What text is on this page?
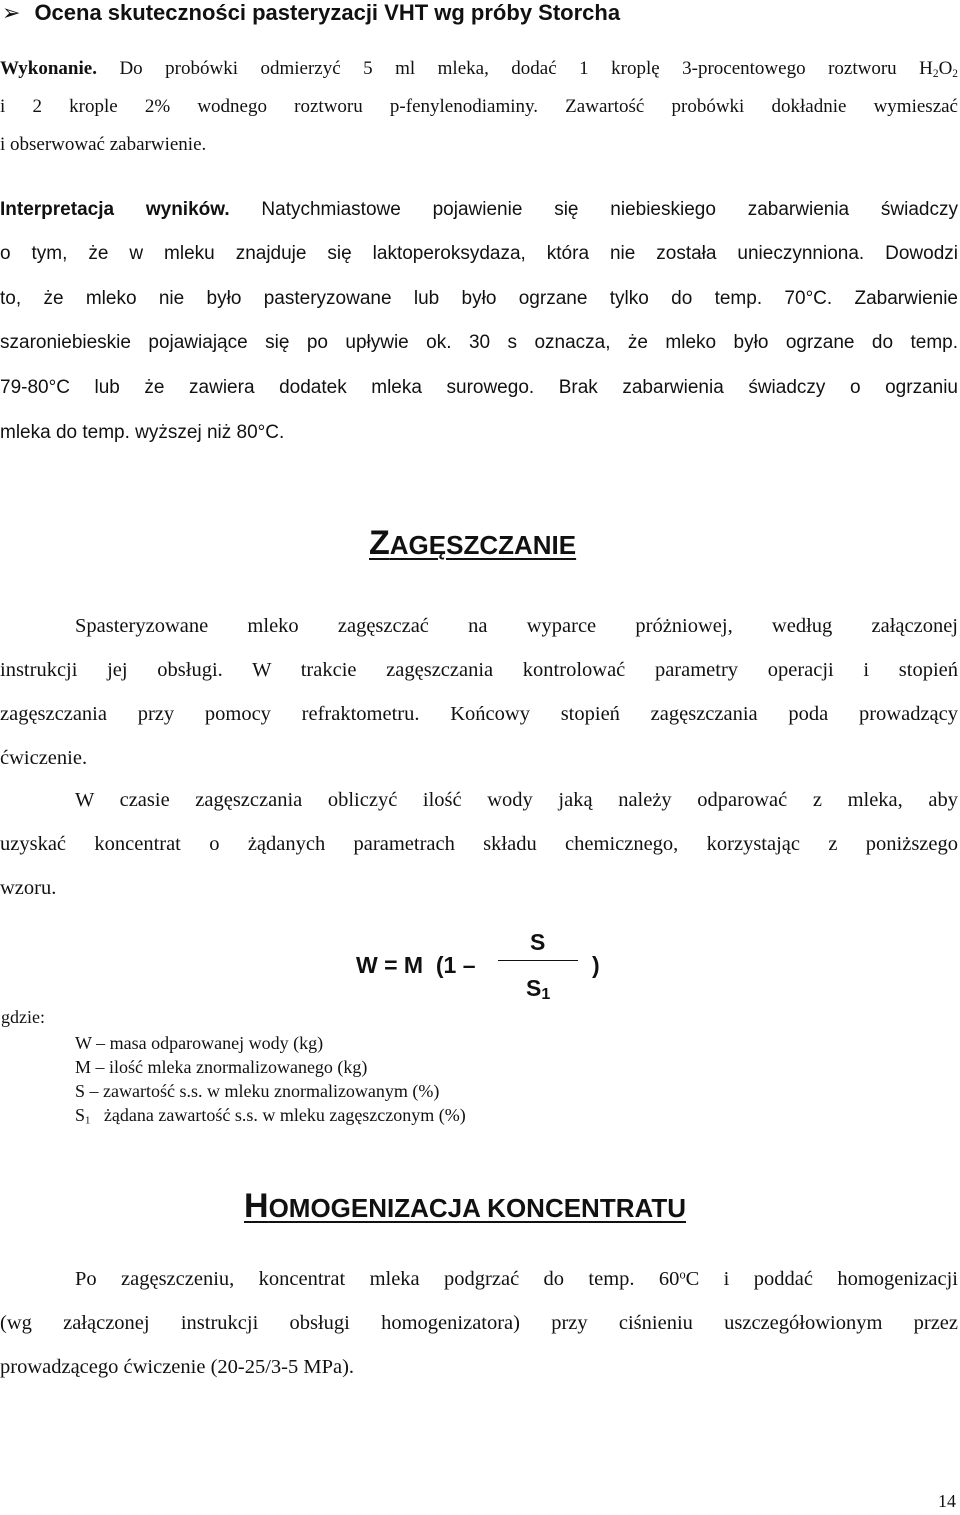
➢ Ocena skuteczności pasteryzacji VHT wg próby Storcha
Wykonanie. Do probówki odmierzyć 5 ml mleka, dodać 1 kroplę 3-procentowego roztworu $H_2O_2$
i 2 krople 2% wodnego roztworu p-fenylenodiaminy. Zawartość probówki dokładnie wymieszać
i obserwować zabarwienie.
Interpretacja wyników. Natychmiastowe pojawienie się niebieskiego zabarwienia świadczy
o tym, że w mleku znajduje się laktoperoksydaza, która nie została unieczynniona. Dowodzi
to, że mleko nie było pasteryzowane lub było ogrzane tylko do temp. 70°C. Zabarwienie
szaroniebieskie pojawiające się po upływie ok. 30 s oznacza, że mleko było ogrzane do temp.
79-80°C lub że zawiera dodatek mleka surowego. Brak zabarwienia świadczy o ogrzaniu
mleka do temp. wyższej niż 80°C.
ZAGĘSZCZANIE
Spasteryzowane mleko zagęszczać na wyparce próżniowej, według załączonej
instrukcji jej obsługi. W trakcie zagęszczania kontrolować parametry operacji i stopień
zagęszczania przy pomocy refraktometru. Końcowy stopień zagęszczania poda prowadzący
ćwiczenie.
W czasie zagęszczania obliczyć ilość wody jaką należy odparować z mleka, aby
uzyskać koncentrat o żądanych parametrach składu chemicznego, korzystając z poniższego
wzoru.
W = M  (1 –
S
$S_1$
)
gdzie:
W – masa odparowanej wody (kg)
M – ilość mleka znormalizowanego (kg)
S – zawartość s.s. w mleku znormalizowanym (%)
$S_1$ żądana zawartość s.s. w mleku zagęszczonym (%)
HOMOGENIZACJA KONCENTRATU
Po zagęszczeniu, koncentrat mleka podgrzać do temp. 60$^o$C i poddać homogenizacji
(wg załączonej instrukcji obsługi homogenizatora) przy ciśnieniu uszczegółowionym przez
prowadzącego ćwiczenie (20-25/3-5 MPa).
14
